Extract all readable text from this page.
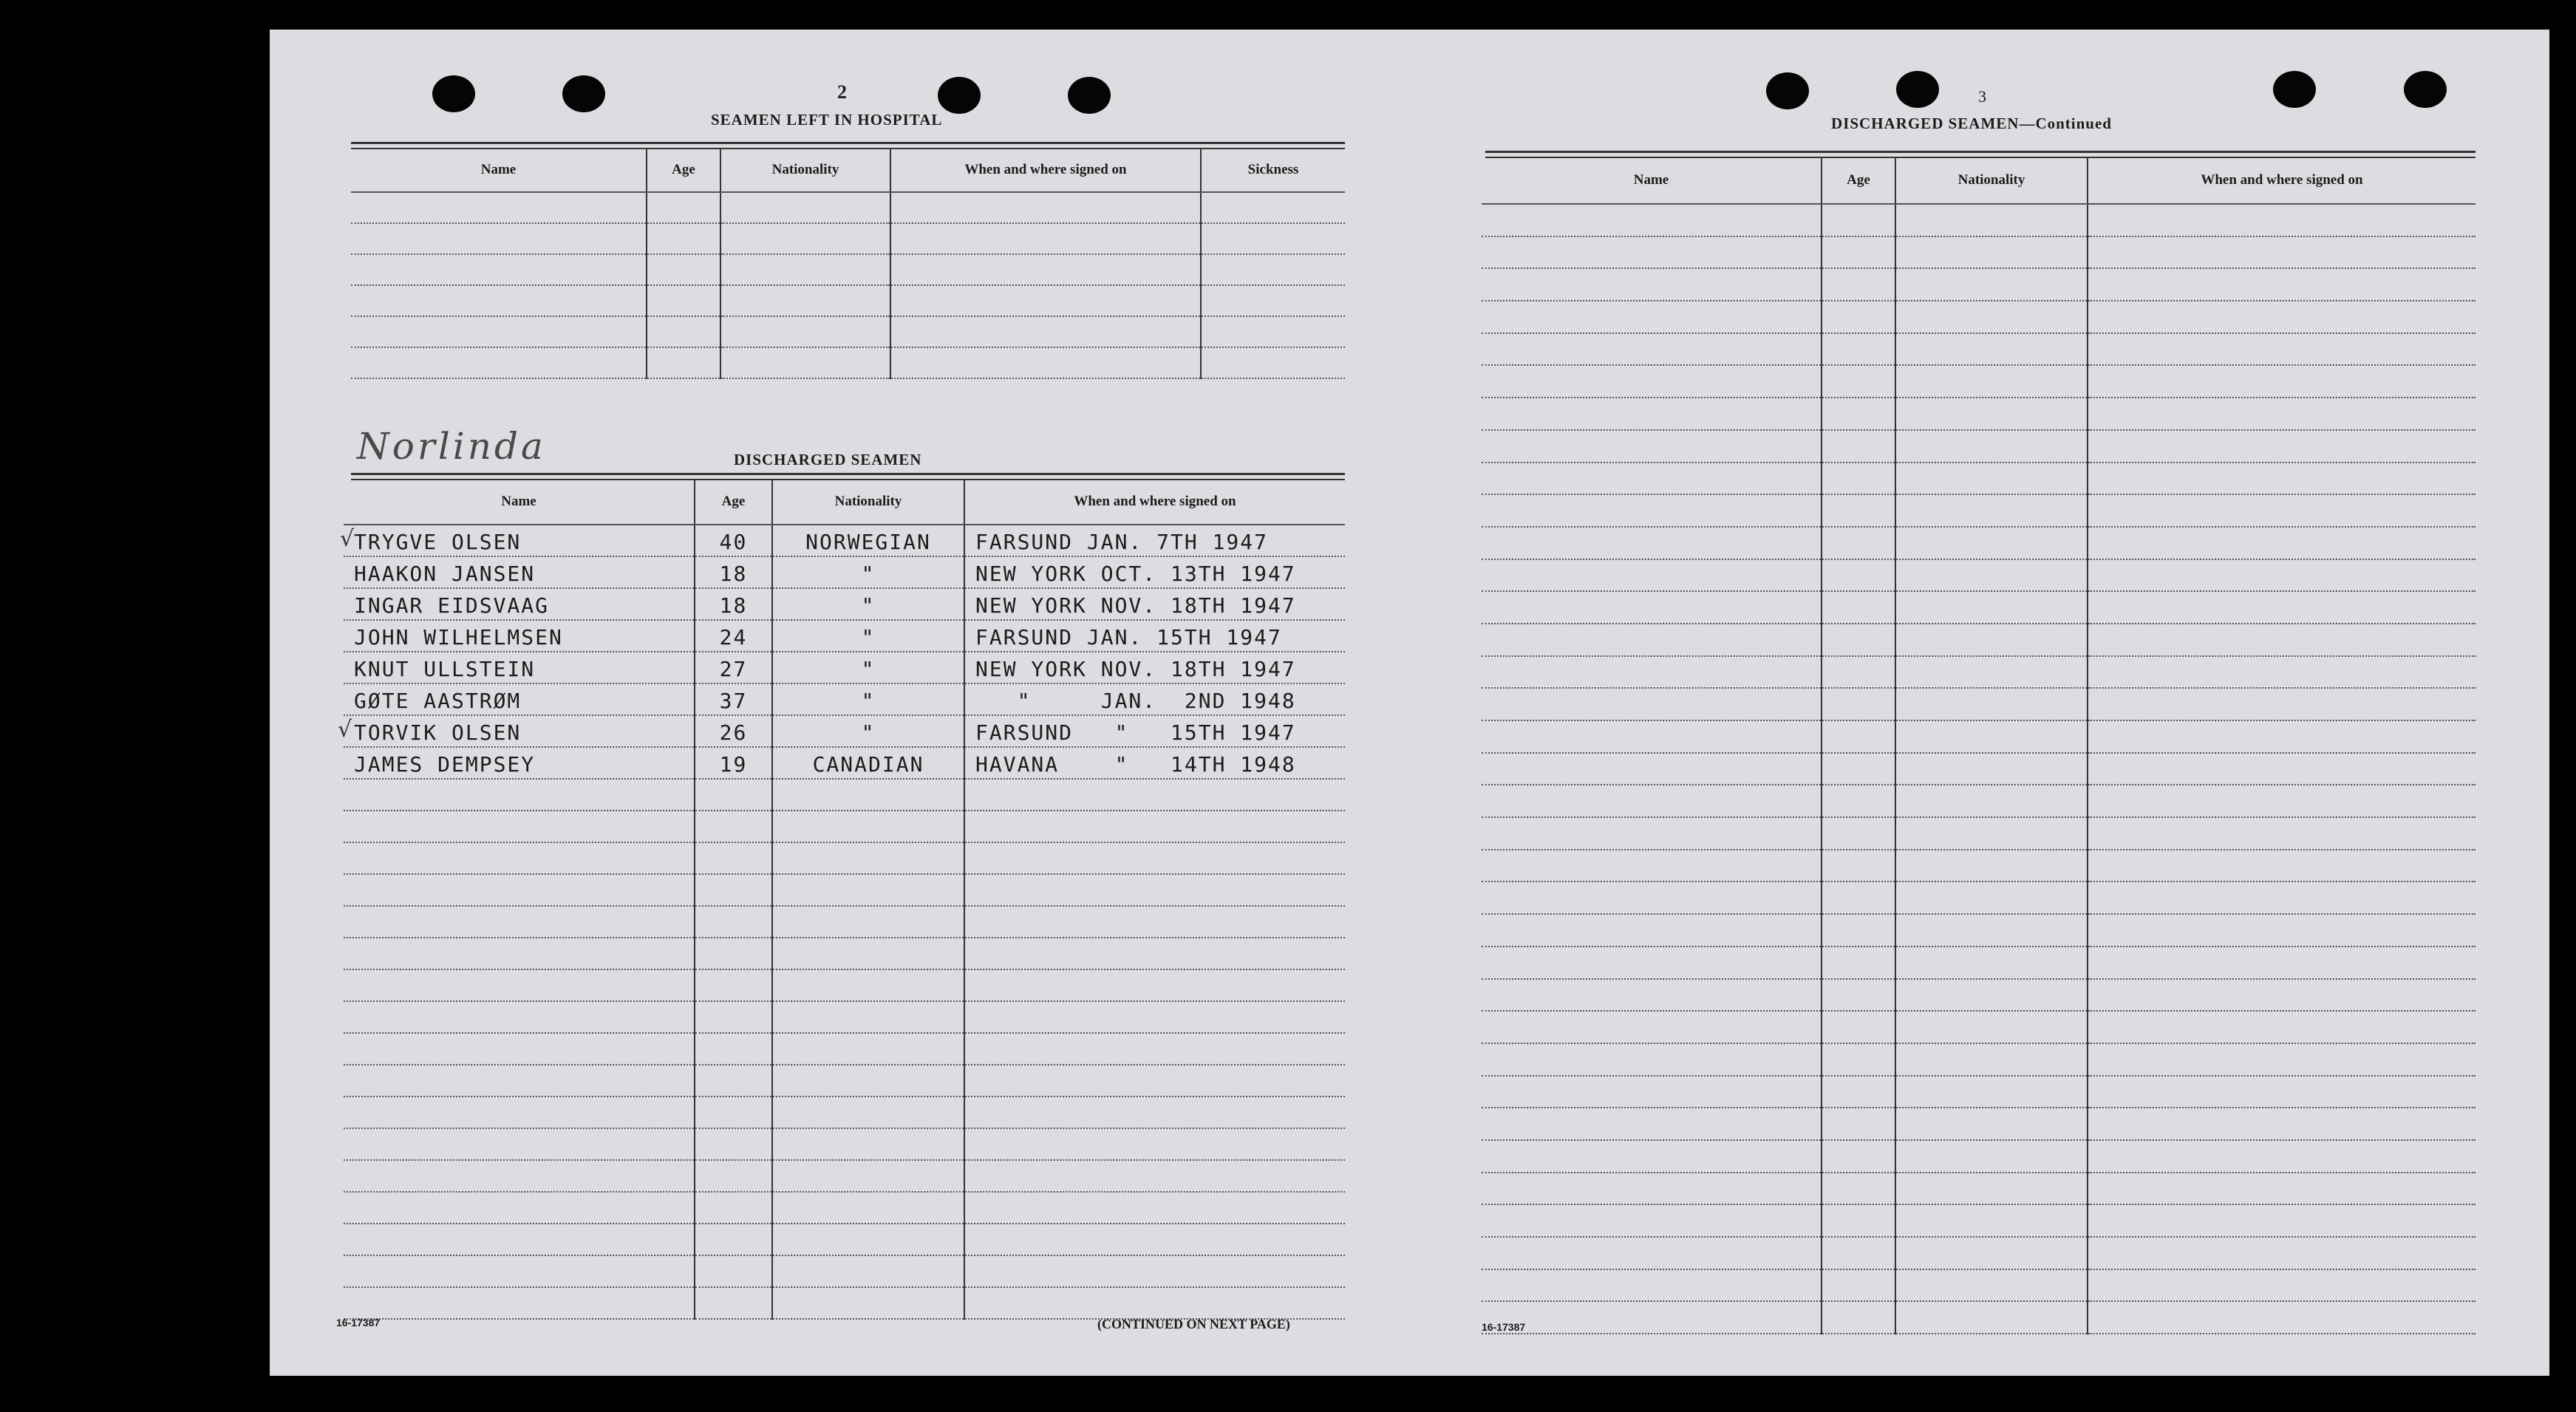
2
SEAMEN LEFT IN HOSPITAL
Name	Age	Nationality	When and where signed on	Sickness

Norlinda	DISCHARGED SEAMEN
Name	Age	Nationality	When and where signed on

TRYGVE OLSEN	40	NORWEGIAN	FARSUND JAN. 7TH 1947

HAAKON JANSEN	18	"	NEW YORK OCT. 13TH 1947

INGAR EIDSVAAG	18	"	NEW YORK NOV. 18TH 1947

JOHN WILHELMSEN	24	"	FARSUND JAN. 15TH 1947

KNUT ULLSTEIN	27	"	NEW YORK NOV. 18TH 1947

GØTE AASTRØM	37	"	"     JAN.  2ND 1948

TORVIK OLSEN	26	"	FARSUND   "   15TH 1947

JAMES DEMPSEY	19	CANADIAN	HAVANA    "   14TH 1948

√
√
16-17387	(CONTINUED ON NEXT PAGE)
3
DISCHARGED SEAMEN—Continued
Name	Age	Nationality	When and where signed on

16-17387
